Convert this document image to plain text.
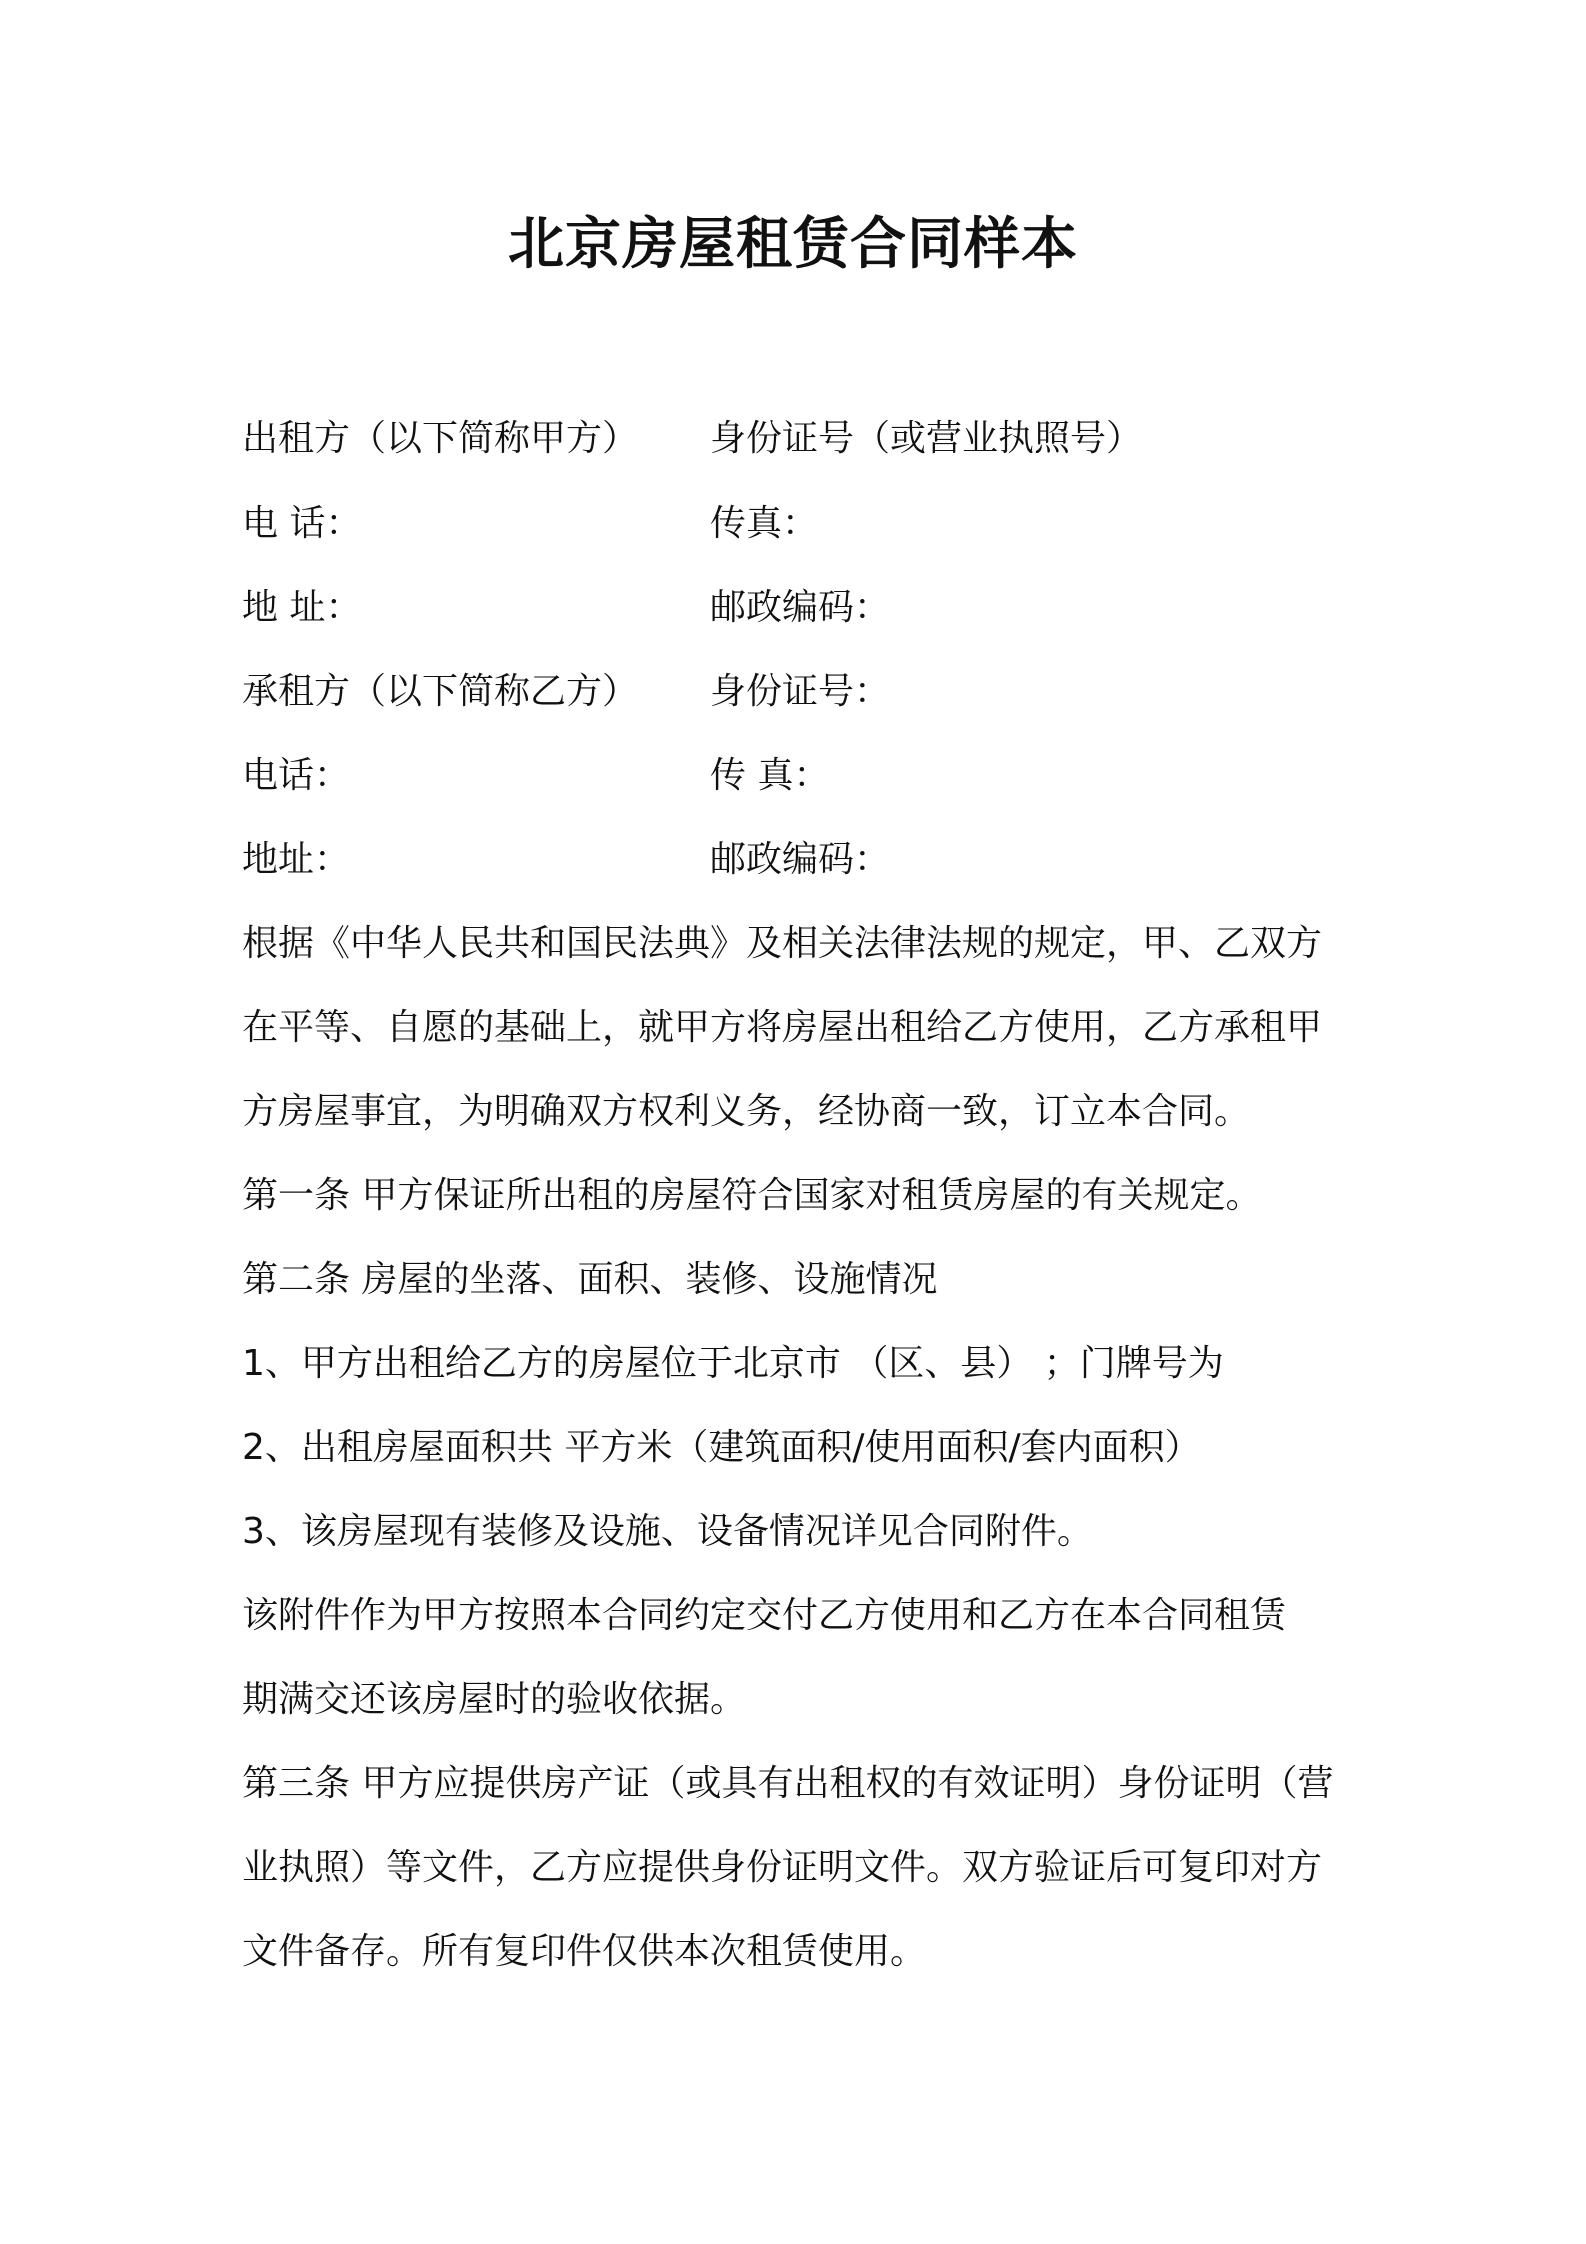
北京房屋租赁合同样本
出租方（以下简称甲方） 身份证号（或营业执照号）
电 话：	传真：
地 址：	邮政编码：
承租方（以下简称乙方） 身份证号：
电话：	传 真：
地址：	邮政编码：
根据《中华人民共和国民法典》及相关法律法规的规定，甲、乙双方
在平等、自愿的基础上，就甲方将房屋出租给乙方使用，乙方承租甲
方房屋事宜，为明确双方权利义务，经协商一致，订立本合同。
第一条 甲方保证所出租的房屋符合国家对租赁房屋的有关规定。
第二条 房屋的坐落、面积、装修、设施情况
1、甲方出租给乙方的房屋位于北京市 （区、县） ；门牌号为
2、出租房屋面积共 平方米（建筑面积/使用面积/套内面积）
3、该房屋现有装修及设施、设备情况详见合同附件。
该附件作为甲方按照本合同约定交付乙方使用和乙方在本合同租赁
期满交还该房屋时的验收依据。
第三条 甲方应提供房产证（或具有出租权的有效证明）身份证明（营
业执照）等文件，乙方应提供身份证明文件。双方验证后可复印对方
文件备存。所有复印件仅供本次租赁使用。
